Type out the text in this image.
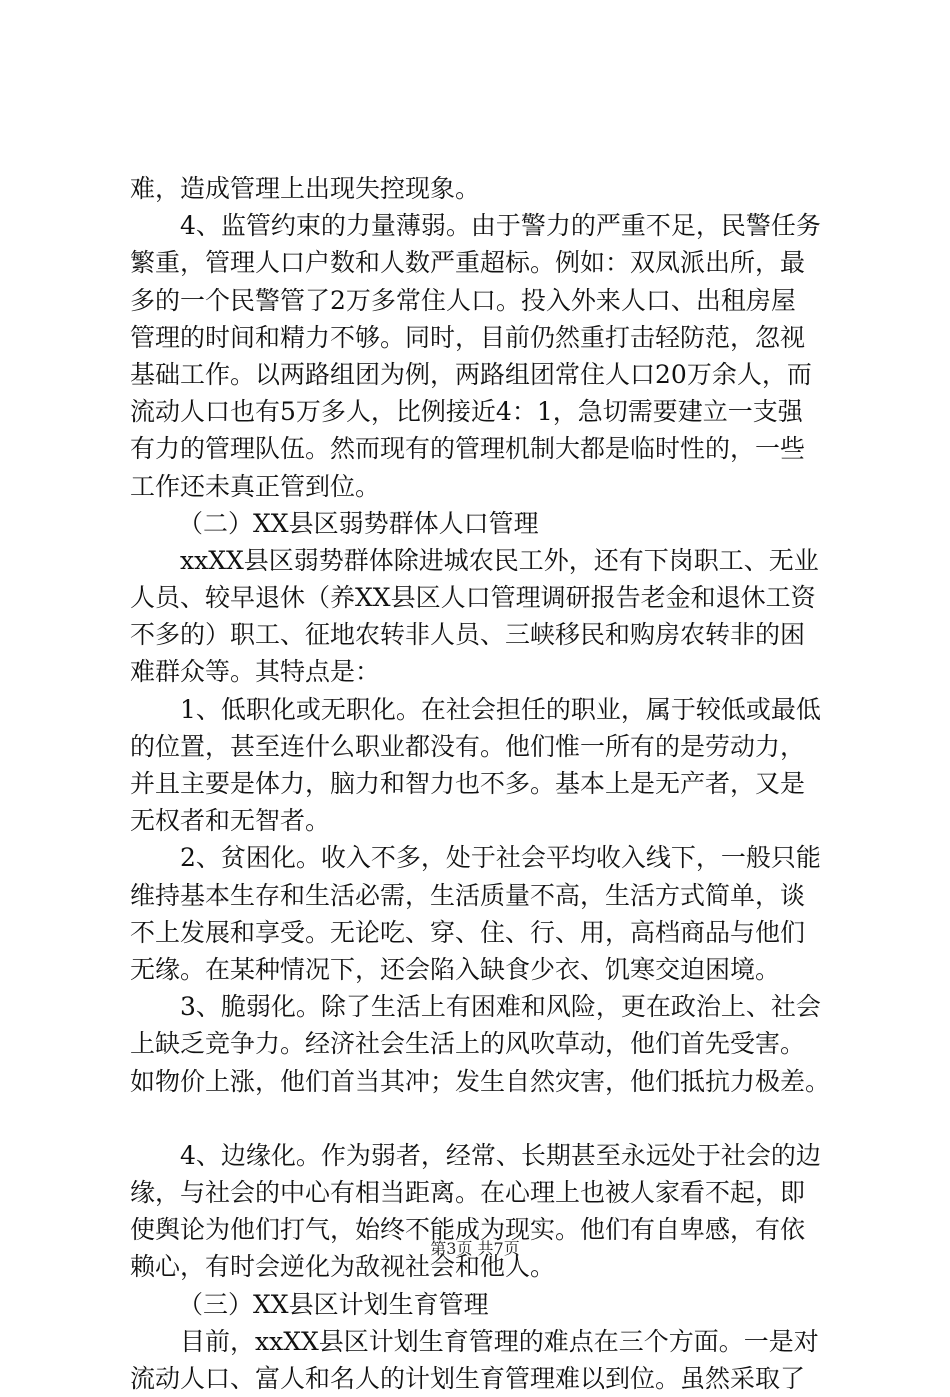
难，造成管理上出现失控现象。
4、监管约束的力量薄弱。由于警力的严重不足，民警任务
繁重，管理人口户数和人数严重超标。例如：双凤派出所，最
多的一个民警管了2万多常住人口。投入外来人口、出租房屋
管理的时间和精力不够。同时，目前仍然重打击轻防范，忽视
基础工作。以两路组团为例，两路组团常住人口20万余人，而
流动人口也有5万多人，比例接近4：1，急切需要建立一支强
有力的管理队伍。然而现有的管理机制大都是临时性的，一些
工作还未真正管到位。
（二）XX县区弱势群体人口管理
xxXX县区弱势群体除进城农民工外，还有下岗职工、无业
人员、较早退休（养XX县区人口管理调研报告老金和退休工资
不多的）职工、征地农转非人员、三峡移民和购房农转非的困
难群众等。其特点是：
1、低职化或无职化。在社会担任的职业，属于较低或最低
的位置，甚至连什么职业都没有。他们惟一所有的是劳动力，
并且主要是体力，脑力和智力也不多。基本上是无产者，又是
无权者和无智者。
2、贫困化。收入不多，处于社会平均收入线下，一般只能
维持基本生存和生活必需，生活质量不高，生活方式简单，谈
不上发展和享受。无论吃、穿、住、行、用，高档商品与他们
无缘。在某种情况下，还会陷入缺食少衣、饥寒交迫困境。
3、脆弱化。除了生活上有困难和风险，更在政治上、社会
上缺乏竞争力。经济社会生活上的风吹草动，他们首先受害。
如物价上涨，他们首当其冲；发生自然灾害，他们抵抗力极差。
4、边缘化。作为弱者，经常、长期甚至永远处于社会的边
缘，与社会的中心有相当距离。在心理上也被人家看不起，即
使舆论为他们打气，始终不能成为现实。他们有自卑感，有依
赖心，有时会逆化为敌视社会和他人。
（三）XX县区计划生育管理
目前，xxXX县区计划生育管理的难点在三个方面。一是对
流动人口、富人和名人的计划生育管理难以到位。虽然采取了
第3页 共7页
